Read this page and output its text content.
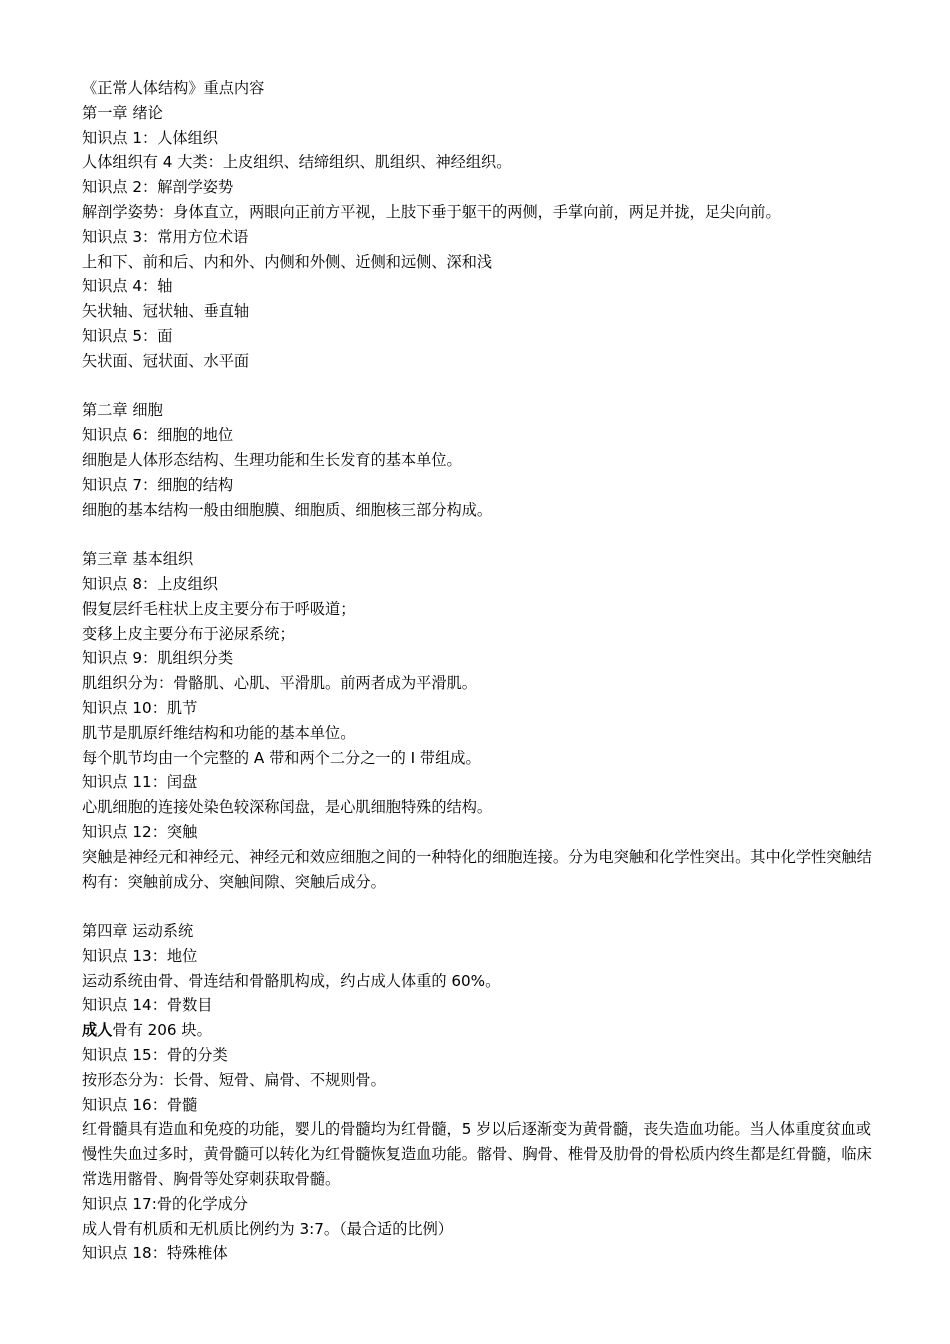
《正常人体结构》重点内容
第一章 绪论
知识点 1：人体组织
人体组织有 4 大类：上皮组织、结缔组织、肌组织、神经组织。
知识点 2：解剖学姿势
解剖学姿势：身体直立，两眼向正前方平视，上肢下垂于躯干的两侧，手掌向前，两足并拢，足尖向前。
知识点 3：常用方位术语
上和下、前和后、内和外、内侧和外侧、近侧和远侧、深和浅
知识点 4：轴
矢状轴、冠状轴、垂直轴
知识点 5：面
矢状面、冠状面、水平面
第二章 细胞
知识点 6：细胞的地位
细胞是人体形态结构、生理功能和生长发育的基本单位。
知识点 7：细胞的结构
细胞的基本结构一般由细胞膜、细胞质、细胞核三部分构成。
第三章 基本组织
知识点 8：上皮组织
假复层纤毛柱状上皮主要分布于呼吸道；
变移上皮主要分布于泌尿系统；
知识点 9：肌组织分类
肌组织分为：骨骼肌、心肌、平滑肌。前两者成为平滑肌。
知识点 10：肌节
肌节是肌原纤维结构和功能的基本单位。
每个肌节均由一个完整的 A 带和两个二分之一的 I 带组成。
知识点 11：闰盘
心肌细胞的连接处染色较深称闰盘，是心肌细胞特殊的结构。
知识点 12：突触
突触是神经元和神经元、神经元和效应细胞之间的一种特化的细胞连接。分为电突触和化学性突出。其中化学性突触结构有：突触前成分、突触间隙、突触后成分。
第四章 运动系统
知识点 13：地位
运动系统由骨、骨连结和骨骼肌构成，约占成人体重的 60%。
知识点 14：骨数目
成人骨有 206 块。
知识点 15：骨的分类
按形态分为：长骨、短骨、扁骨、不规则骨。
知识点 16：骨髓
红骨髓具有造血和免疫的功能，婴儿的骨髓均为红骨髓，5 岁以后逐渐变为黄骨髓，丧失造血功能。当人体重度贫血或慢性失血过多时，黄骨髓可以转化为红骨髓恢复造血功能。髂骨、胸骨、椎骨及肋骨的骨松质内终生都是红骨髓，临床常选用髂骨、胸骨等处穿刺获取骨髓。
知识点 17:骨的化学成分
成人骨有机质和无机质比例约为 3:7。（最合适的比例）
知识点 18：特殊椎体
